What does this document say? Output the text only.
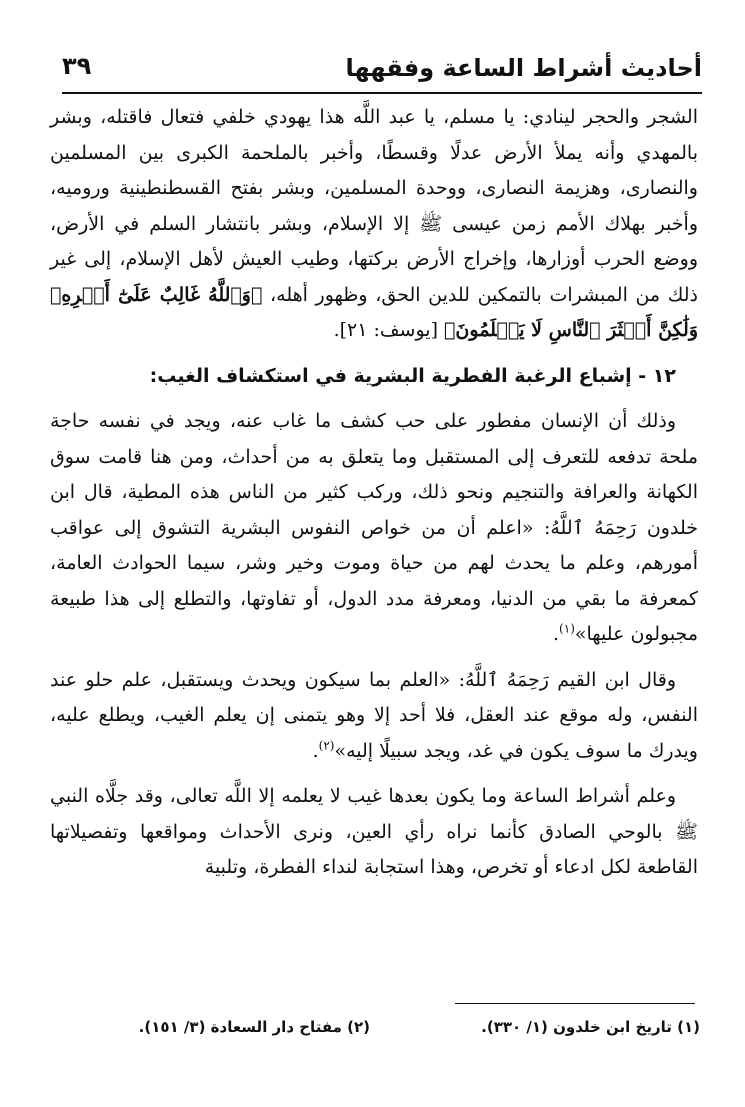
أحاديث أشراط الساعة وفقهها
٣٩

الشجر والحجر لينادي: يا مسلم، يا عبد اللَّه هذا يهودي خلفي فتعال فاقتله، وبشر بالمهدي وأنه يملأ الأرض عدلًا وقسطًا، وأخبر بالملحمة الكبرى بين المسلمين والنصارى، وهزيمة النصارى، ووحدة المسلمين، وبشر بفتح القسطنطينية وروميه، وأخبر بهلاك الأمم زمن عيسى ﷺ إلا الإسلام، وبشر بانتشار السلم في الأرض، ووضع الحرب أوزارها، وإخراج الأرض بركتها، وطيب العيش لأهل الإسلام، إلى غير ذلك من المبشرات بالتمكين للدين الحق، وظهور أهله، ﴿وَٱللَّهُ غَالِبٌ عَلَىٰٓ أَمۡرِهِۦ وَلَٰكِنَّ أَكۡثَرَ ٱلنَّاسِ لَا يَعۡلَمُونَ﴾ [يوسف: ٢١].

١٢ - إشباع الرغبة الفطرية البشرية في استكشاف الغيب:

وذلك أن الإنسان مفطور على حب كشف ما غاب عنه، ويجد في نفسه حاجة ملحة تدفعه للتعرف إلى المستقبل وما يتعلق به من أحداث، ومن هنا قامت سوق الكهانة والعرافة والتنجيم ونحو ذلك، وركب كثير من الناس هذه المطية، قال ابن خلدون رَحِمَهُ ٱللَّهُ: «اعلم أن من خواص النفوس البشرية التشوق إلى عواقب أمورهم، وعلم ما يحدث لهم من حياة وموت وخير وشر، سيما الحوادث العامة، كمعرفة ما بقي من الدنيا، ومعرفة مدد الدول، أو تفاوتها، والتطلع إلى هذا طبيعة مجبولون عليها»$^{(١)}$.

وقال ابن القيم رَحِمَهُ ٱللَّهُ: «العلم بما سيكون ويحدث ويستقبل، علم حلو عند النفس، وله موقع عند العقل، فلا أحد إلا وهو يتمنى إن يعلم الغيب، ويطلع عليه، ويدرك ما سوف يكون في غد، ويجد سبيلًا إليه»$^{(٢)}$.

وعلم أشراط الساعة وما يكون بعدها غيب لا يعلمه إلا اللَّه تعالى، وقد جلَّاه النبي ﷺ بالوحي الصادق كأنما نراه رأي العين، ونرى الأحداث ومواقعها وتفصيلاتها القاطعة لكل ادعاء أو تخرص، وهذا استجابة لنداء الفطرة، وتلبية

(١) تاريخ ابن خلدون (١/ ٣٣٠).
(٢) مفتاح دار السعادة (٣/ ١٥١).
